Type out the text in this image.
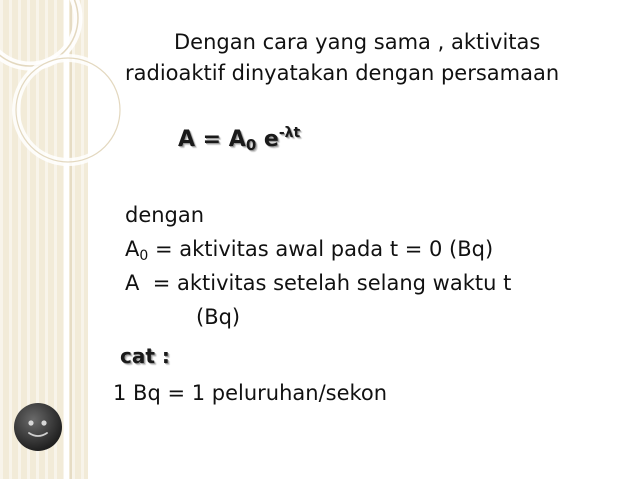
Dengan cara yang sama , aktivitas
radioaktif dinyatakan dengan persamaan
$A = A_0$ $e^{-\lambda t}$
dengan
$A_0$ = aktivitas awal pada t = 0 (Bq)
A  = aktivitas setelah selang waktu t
(Bq)
cat :
1 Bq = 1 peluruhan/sekon
